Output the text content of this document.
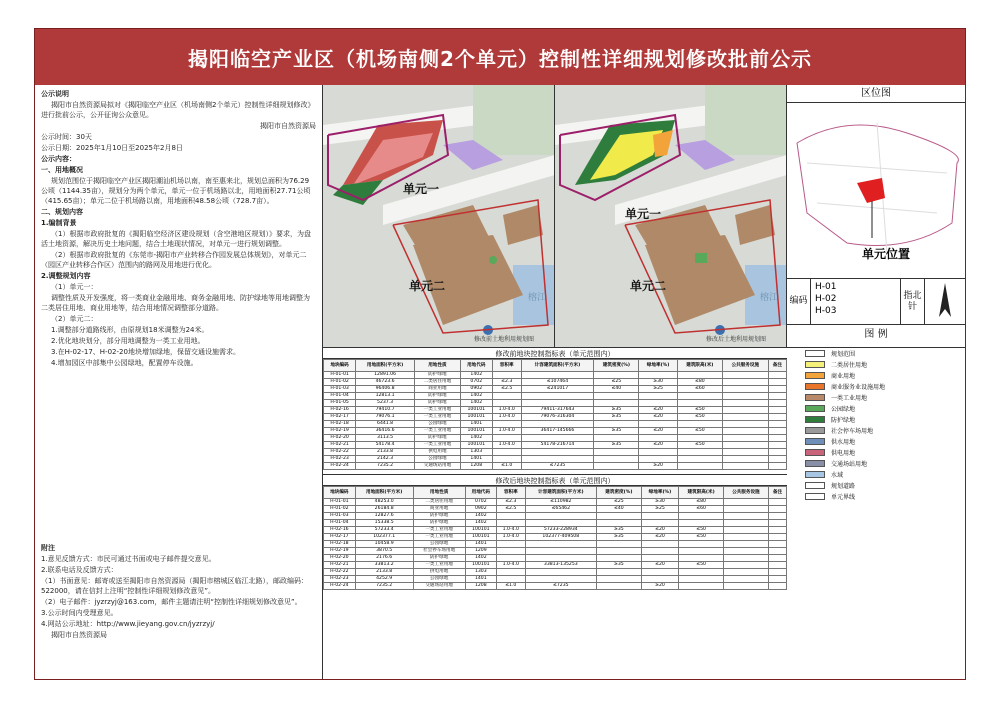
揭阳临空产业区（机场南侧2个单元）控制性详细规划修改批前公示

公示说明

揭阳市自然资源局拟对《揭阳临空产业区（机场南侧2个单元）控制性详细规划修改》进行批前公示，公开征询公众意见。

揭阳市自然资源局

公示时间：30天

公示日期：2025年1月10日至2025年2月8日

公示内容：

一、用地概况

规划范围位于揭阳临空产业区揭阳潮汕机场以南，南至惠来北，规划总面积为76.29公顷（1144.35亩），规划分为两个单元，单元一位于机场路以北，用地面积27.71公顷（415.65亩）；单元二位于机场路以南，用地面积48.58公顷（728.7亩）。

二、规划内容

1.编制背景

（1）根据市政府批复的《揭阳临空经济区建设规划（含空港地区规划）》要求，为盘活土地资源，解决历史土地问题，结合土地现状情况，对单元一进行规划调整。

（2）根据市政府批复的《东莞市-揭阳市产业转移合作园发展总体规划》，对单元二（园区产业转移合作区）范围内的路网及用地进行优化。

2.调整规划内容

（1）单元一：

调整性质及开发强度，将一类商业金融用地、商务金融用地、防护绿地等用地调整为二类居住用地、商业用地等，结合用地情况调整部分道路。

（2）单元二：

1.调整部分道路线形，由原规划18米调整为24米。

2.优化地块划分，部分用地调整为一类工业用地。

3.在H-02-17、H-02-20地块增加绿地，保留交通设施需求。

4.增加园区中部集中公园绿地，配置停车设施。

附注

1.意见反馈方式：市民可通过书面或电子邮件提交意见。

2.联系电话及反馈方式：

（1）书面意见：邮寄或送至揭阳市自然资源局（揭阳市榕城区临江北路），邮政编码：522000，请在信封上注明“控制性详细规划修改意见”。

（2）电子邮件：jyzrzyj@163.com，邮件主题请注明“控制性详细规划修改意见”。

3.公示时间内受理意见。

4.网站公示地址：http://www.jieyang.gov.cn/jyzrzyj/

揭阳市自然资源局

单元一
单元二
榕江
修改前土地利用规划图
单元一
单元二
榕江
修改后土地利用规划图
区位图
单元位置
编码
H-01
H-02
H-03
指北针
图 例
规划范围
二类居住用地
商业用地
商业服务业设施用地
一类工业用地
公园绿地
防护绿地
社会停车场用地
供水用地
供电用地
交通场站用地
水域
规划道路
单元界线
修改前地块控制指标表（单元范围内）
地块编码	用地面积(平方米)	用地性质	用地代码	容积率	计容建筑面积(平方米)	建筑密度(%)	绿地率(%)	建筑限高(米)	公共服务设施	备注
H-01-01	12891.06	防护绿地	1402							
H-01-02	46723.6	二类居住用地	0702	≤2.3	≤107464	≤25	≥30	≤80		
H-01-03	96406.8	商业用地	0902	≤2.5	≤241017	≤40	≥25	≤60		
H-01-04	12813.1	防护绿地	1402							
H-01-05	5237.3	防护绿地	1402							
H-02-16	79410.7	一类工业用地	100101	1.0-4.0	79411-317643	≥35	≤20	≤50		
H-02-17	79076.1	一类工业用地	100101	1.0-4.0	79076-316304	≥35	≤20	≤50		
H-02-18	6441.8	公园绿地	1401							
H-02-19	36416.6	一类工业用地	100101	1.0-4.0	36417-145666	≥35	≤20	≤50		
H-02-20	3113.5	防护绿地	1402							
H-02-21	54178.4	一类工业用地	100101	1.0-4.0	54178-216714	≥35	≤20	≤50		
H-02-22	2133.8	供电用地	1303							
H-02-23	2142.3	公园绿地	1401							
H-02-24	7235.2	交通场站用地	1208	≤1.0	≤7235		≥20			
修改后地块控制指标表（单元范围内）
地块编码	用地面积(平方米)	用地性质	用地代码	容积率	计容建筑面积(平方米)	建筑密度(%)	绿地率(%)	建筑限高(米)	公共服务设施	备注
H-01-01	48253.0	二类居住用地	0702	≤2.3	≤110982	≤25	≥30	≤80		
H-01-02	26184.8	商业用地	0902	≤2.5	≤65462	≤40	≥25	≤60		
H-01-03	12827.6	防护绿地	1402							
H-01-04	15338.5	防护绿地	1402							
H-02-16	57233.4	一类工业用地	100101	1.0-4.0	57233-228934	≥35	≤20	≤50		
H-02-17	102377.1	一类工业用地	100101	1.0-4.0	102377-409508	≥35	≤20	≤50		
H-02-18	10458.9	公园绿地	1401							
H-02-19	3870.5	社会停车场用地	1209							
H-02-20	2176.6	防护绿地	1402							
H-02-21	33813.2	一类工业用地	100101	1.0-4.0	33813-135253	≥35	≤20	≤50		
H-02-22	2133.8	供电用地	1303							
H-02-23	4252.9	公园绿地	1401							
H-02-24	7235.2	交通场站用地	1208	≤1.0	≤7235		≥20			
